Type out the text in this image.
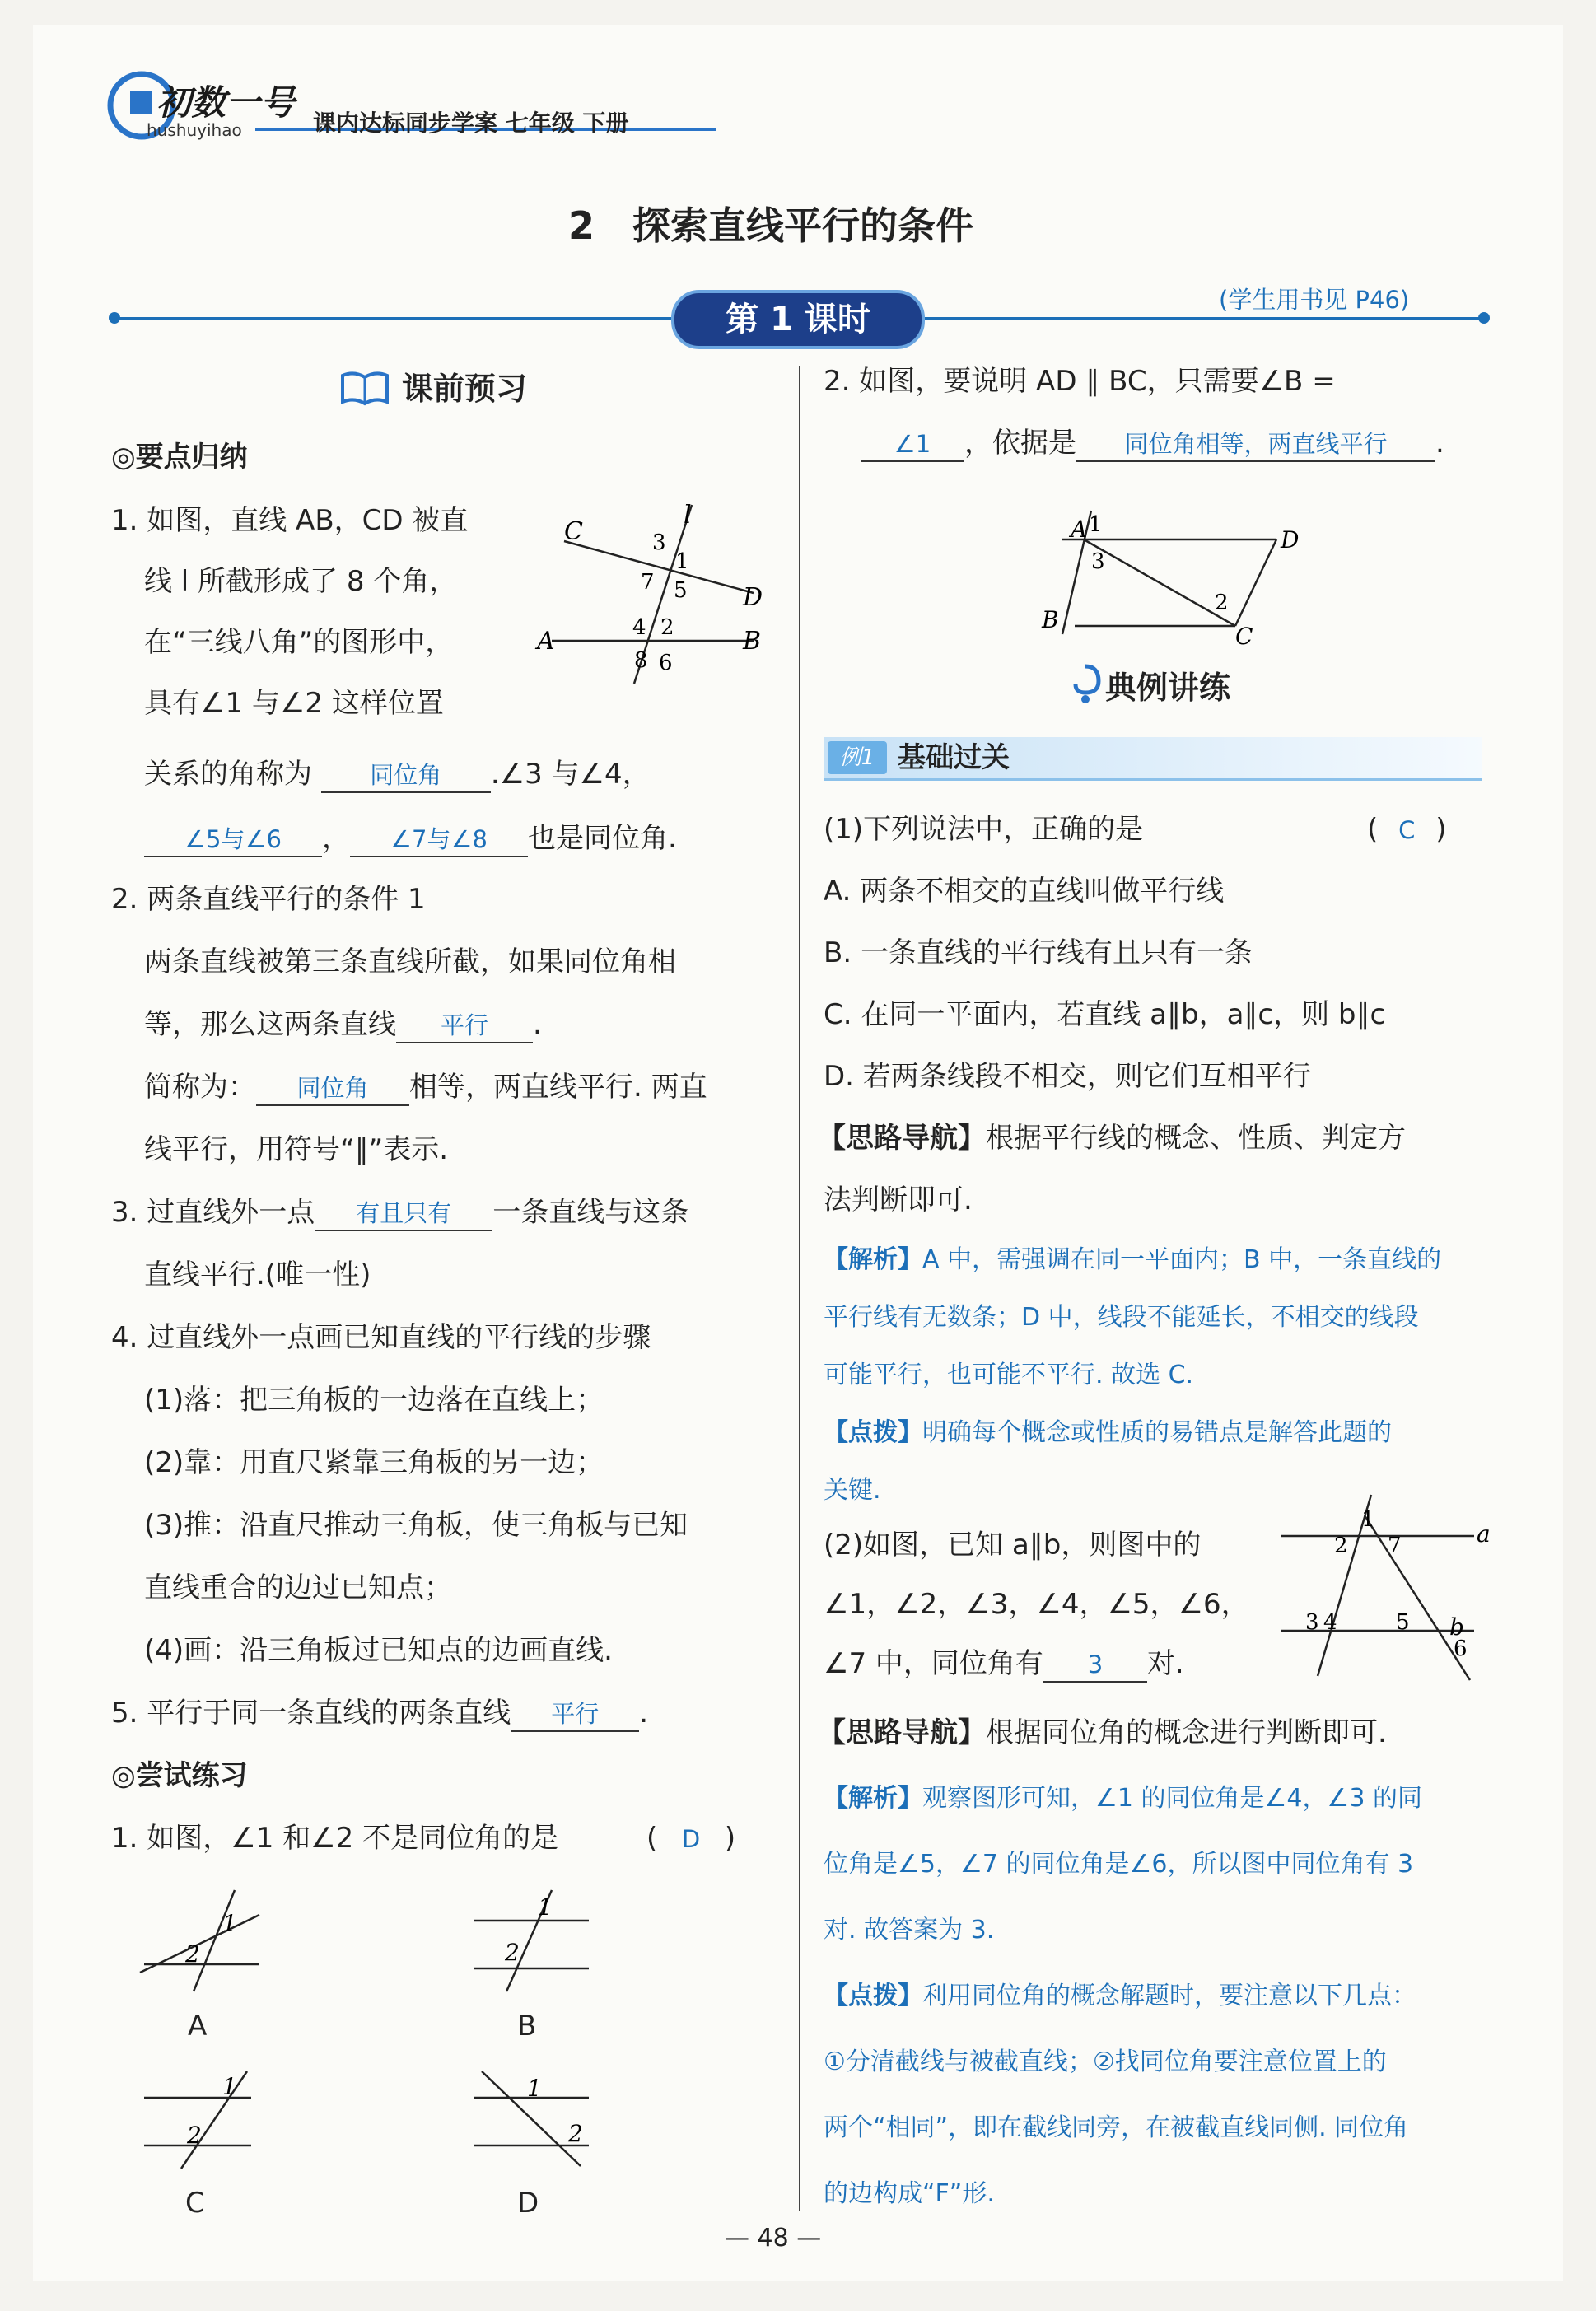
初数一号
hushuyihao	课内达标同步学案 七年级 下册
2　探索直线平行的条件
第 1 课时
(学生用书见 P46)
课前预习
◎要点归纳
1. 如图，直线 AB，CD 被直
线 l 所截形成了 8 个角，
在“三线八角”的图形中，
具有∠1 与∠2 这样位置
关系的角称为 同位角 .∠3 与∠4，
∠5与∠6 ， ∠7与∠8 也是同位角.
C
D
A	B
l
3
1
7 5
4 2
8 6
2. 两条直线平行的条件 1
两条直线被第三条直线所截，如果同位角相
等，那么这两条直线 平行 .
简称为： 同位角 相等，两直线平行. 两直
线平行，用符号“∥”表示.
3. 过直线外一点 有且只有 一条直线与这条
直线平行.(唯一性)
4. 过直线外一点画已知直线的平行线的步骤
(1)落：把三角板的一边落在直线上；
(2)靠：用直尺紧靠三角板的另一边；
(3)推：沿直尺推动三角板，使三角板与已知
直线重合的边过已知点；
(4)画：沿三角板过已知点的边画直线.
5. 平行于同一条直线的两条直线 平行 .
◎尝试练习
1. 如图，∠1 和∠2 不是同位角的是	( D )
1
2
A
1
2
B
1
2
C
1
2
D
2. 如图，要说明 AD ∥ BC，只需要∠B =
∠1 ，依据是 同位角相等，两直线平行 .
1
A	D
3
2
C
B
典例讲练
例1 基础过关
(1)下列说法中，正确的是	( C )
A. 两条不相交的直线叫做平行线
B. 一条直线的平行线有且只有一条
C. 在同一平面内，若直线 a∥b，a∥c，则 b∥c
D. 若两条线段不相交，则它们互相平行
【思路导航】根据平行线的概念、性质、判定方
法判断即可.
【解析】A 中，需强调在同一平面内；B 中，一条直线的
平行线有无数条；D 中，线段不能延长，不相交的线段
可能平行，也可能不平行. 故选 C.
【点拨】明确每个概念或性质的易错点是解答此题的
关键.
(2)如图，已知 a∥b，则图中的
∠1，∠2，∠3，∠4，∠5，∠6，
∠7 中，同位角有 3 对.
1
2 7	a
3 4	5
6
b
【思路导航】根据同位角的概念进行判断即可.
【解析】观察图形可知，∠1 的同位角是∠4，∠3 的同
位角是∠5，∠7 的同位角是∠6，所以图中同位角有 3
对. 故答案为 3.
【点拨】利用同位角的概念解题时，要注意以下几点：
①分清截线与被截直线；②找同位角要注意位置上的
两个“相同”，即在截线同旁，在被截直线同侧. 同位角
的边构成“F”形.
— 48 —
